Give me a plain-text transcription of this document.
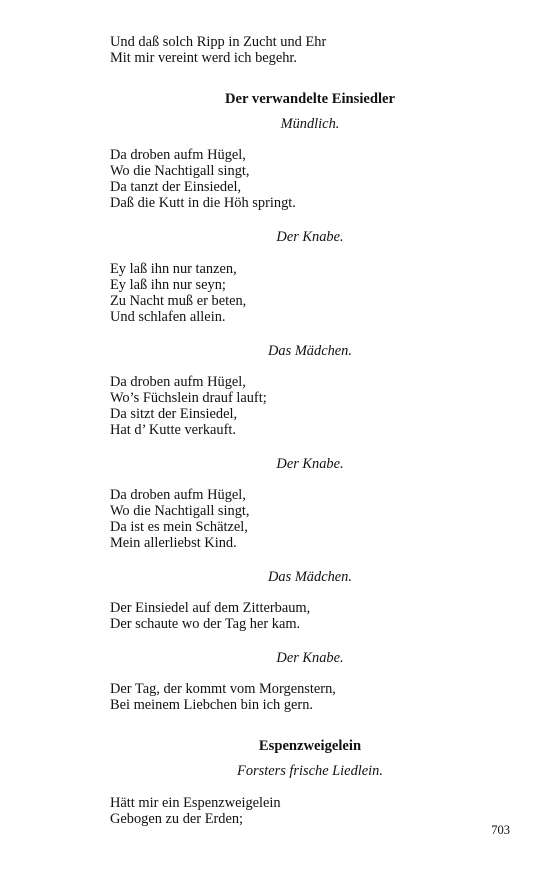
Und daß solch Ripp in Zucht und Ehr
Mit mir vereint werd ich begehr.
Der verwandelte Einsiedler
Mündlich.
Da droben aufm Hügel,
Wo die Nachtigall singt,
Da tanzt der Einsiedel,
Daß die Kutt in die Höh springt.
Der Knabe.
Ey laß ihn nur tanzen,
Ey laß ihn nur seyn;
Zu Nacht muß er beten,
Und schlafen allein.
Das Mädchen.
Da droben aufm Hügel,
Wo’s Füchslein drauf lauft;
Da sitzt der Einsiedel,
Hat d’ Kutte verkauft.
Der Knabe.
Da droben aufm Hügel,
Wo die Nachtigall singt,
Da ist es mein Schätzel,
Mein allerliebst Kind.
Das Mädchen.
Der Einsiedel auf dem Zitterbaum,
Der schaute wo der Tag her kam.
Der Knabe.
Der Tag, der kommt vom Morgenstern,
Bei meinem Liebchen bin ich gern.
Espenzweigelein
Forsters frische Liedlein.
Hätt mir ein Espenzweigelein
Gebogen zu der Erden;
703
